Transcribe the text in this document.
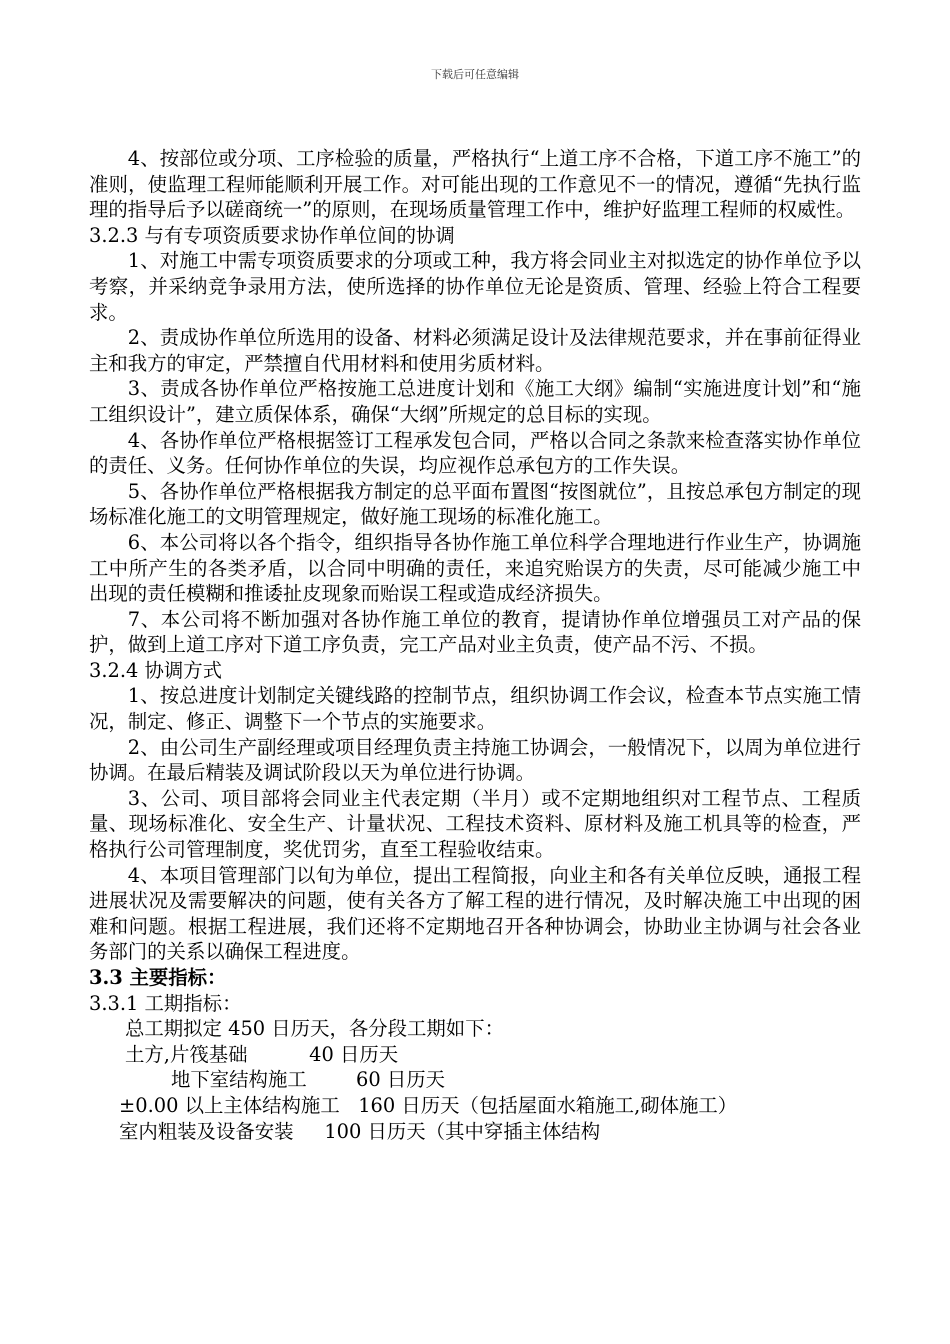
下载后可任意编辑

4、按部位或分项、工序检验的质量，严格执行“上道工序不合格，下道工序不施工”的准则，使监理工程师能顺利开展工作。对可能出现的工作意见不一的情况，遵循“先执行监理的指导后予以磋商统一”的原则，在现场质量管理工作中，维护好监理工程师的权威性。

3.2.3 与有专项资质要求协作单位间的协调

1、对施工中需专项资质要求的分项或工种，我方将会同业主对拟选定的协作单位予以考察，并采纳竞争录用方法，使所选择的协作单位无论是资质、管理、经验上符合工程要求。

2、责成协作单位所选用的设备、材料必须满足设计及法律规范要求，并在事前征得业主和我方的审定，严禁擅自代用材料和使用劣质材料。

3、责成各协作单位严格按施工总进度计划和《施工大纲》编制“实施进度计划”和“施工组织设计”，建立质保体系，确保“大纲”所规定的总目标的实现。

4、各协作单位严格根据签订工程承发包合同，严格以合同之条款来检查落实协作单位的责任、义务。任何协作单位的失误，均应视作总承包方的工作失误。

5、各协作单位严格根据我方制定的总平面布置图“按图就位”，且按总承包方制定的现场标准化施工的文明管理规定，做好施工现场的标准化施工。

6、本公司将以各个指令，组织指导各协作施工单位科学合理地进行作业生产，协调施工中所产生的各类矛盾，以合同中明确的责任，来追究贻误方的失责，尽可能减少施工中出现的责任模糊和推诿扯皮现象而贻误工程或造成经济损失。

7、本公司将不断加强对各协作施工单位的教育，提请协作单位增强员工对产品的保护，做到上道工序对下道工序负责，完工产品对业主负责，使产品不污、不损。

3.2.4 协调方式

1、按总进度计划制定关键线路的控制节点，组织协调工作会议，检查本节点实施工情况，制定、修正、调整下一个节点的实施要求。

2、由公司生产副经理或项目经理负责主持施工协调会，一般情况下，以周为单位进行协调。在最后精装及调试阶段以天为单位进行协调。

3、公司、项目部将会同业主代表定期（半月）或不定期地组织对工程节点、工程质量、现场标准化、安全生产、计量状况、工程技术资料、原材料及施工机具等的检查，严格执行公司管理制度，奖优罚劣，直至工程验收结束。

4、本项目管理部门以旬为单位，提出工程简报，向业主和各有关单位反映，通报工程进展状况及需要解决的问题，使有关各方了解工程的进行情况，及时解决施工中出现的困难和问题。根据工程进展，我们还将不定期地召开各种协调会，协助业主协调与社会各业务部门的关系以确保工程进度。

3.3 主要指标：

3.3.1 工期指标：

总工期拟定 450 日历天，各分段工期如下：

土方,片筏基础          40 日历天

地下室结构施工        60 日历天

±0.00 以上主体结构施工   160 日历天（包括屋面水箱施工,砌体施工）

室内粗装及设备安装     100 日历天（其中穿插主体结构
